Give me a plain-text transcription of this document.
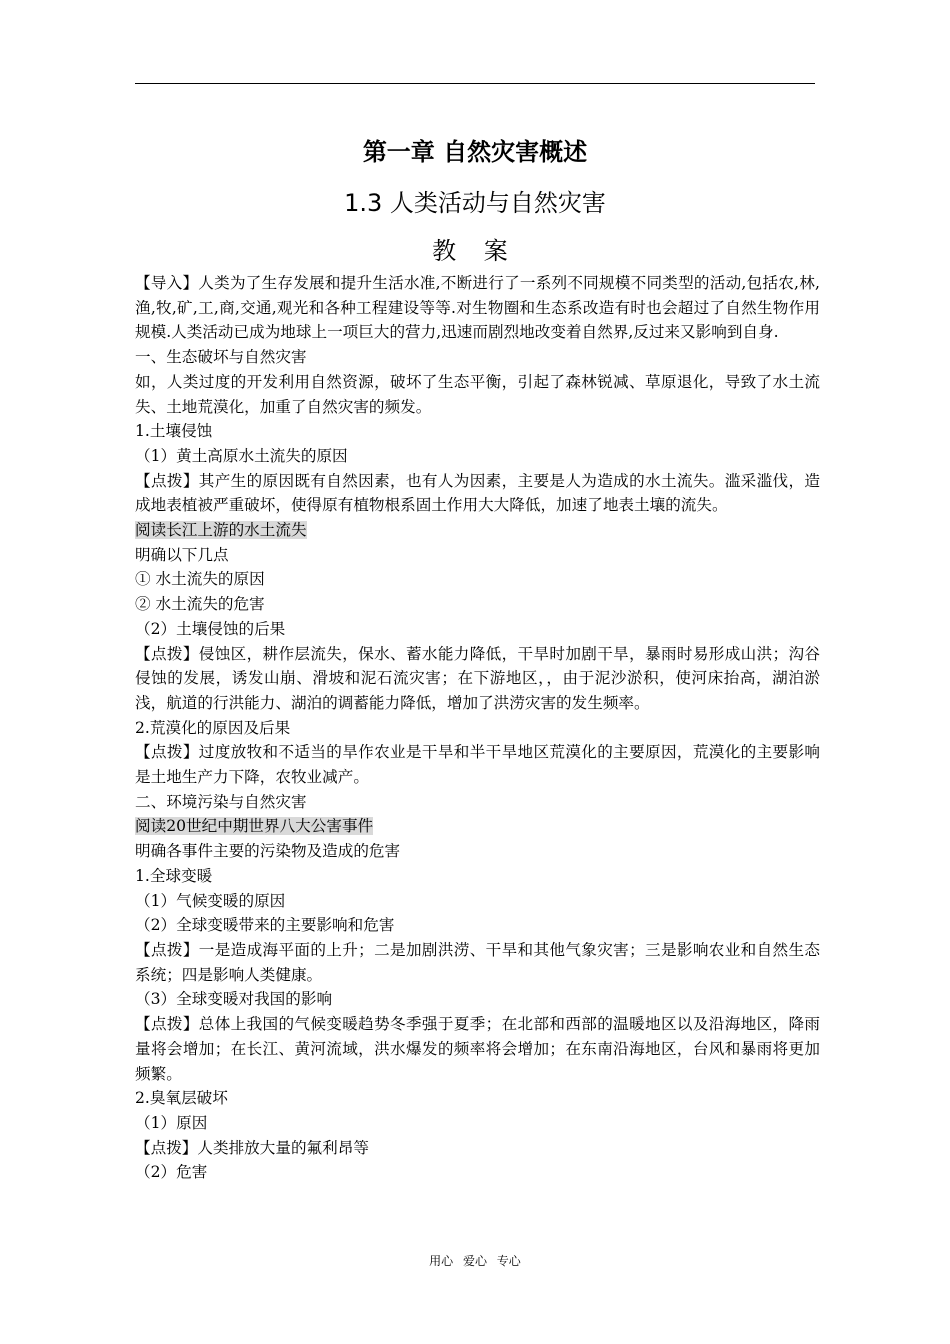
第一章 自然灾害概述
1.3 人类活动与自然灾害
教 案

【导入】人类为了生存发展和提升生活水准,不断进行了一系列不同规模不同类型的活动,包括农,林,渔,牧,矿,工,商,交通,观光和各种工程建设等等.对生物圈和生态系改造有时也会超过了自然生物作用规模.人类活动已成为地球上一项巨大的营力,迅速而剧烈地改变着自然界,反过来又影响到自身.

一、生态破坏与自然灾害

如，人类过度的开发利用自然资源，破坏了生态平衡，引起了森林锐减、草原退化，导致了水土流失、土地荒漠化，加重了自然灾害的频发。

1.土壤侵蚀

（1）黄土高原水土流失的原因

【点拨】其产生的原因既有自然因素，也有人为因素，主要是人为造成的水土流失。滥采滥伐，造成地表植被严重破坏，使得原有植物根系固土作用大大降低，加速了地表土壤的流失。

阅读长江上游的水土流失

明确以下几点

① 水土流失的原因

② 水土流失的危害

（2）土壤侵蚀的后果

【点拨】侵蚀区，耕作层流失，保水、蓄水能力降低，干旱时加剧干旱，暴雨时易形成山洪；沟谷侵蚀的发展，诱发山崩、滑坡和泥石流灾害；在下游地区，，由于泥沙淤积，使河床抬高，湖泊淤浅，航道的行洪能力、湖泊的调蓄能力降低，增加了洪涝灾害的发生频率。

2.荒漠化的原因及后果

【点拨】过度放牧和不适当的旱作农业是干旱和半干旱地区荒漠化的主要原因，荒漠化的主要影响是土地生产力下降，农牧业减产。

二、环境污染与自然灾害

阅读20世纪中期世界八大公害事件

明确各事件主要的污染物及造成的危害

1.全球变暖

（1）气候变暖的原因

（2）全球变暖带来的主要影响和危害

【点拨】一是造成海平面的上升；二是加剧洪涝、干旱和其他气象灾害；三是影响农业和自然生态系统；四是影响人类健康。

（3）全球变暖对我国的影响

【点拨】总体上我国的气候变暖趋势冬季强于夏季；在北部和西部的温暖地区以及沿海地区，降雨量将会增加；在长江、黄河流域，洪水爆发的频率将会增加；在东南沿海地区，台风和暴雨将更加频繁。

2.臭氧层破坏

（1）原因

【点拨】人类排放大量的氟利昂等

（2）危害

用心 爱心 专心
